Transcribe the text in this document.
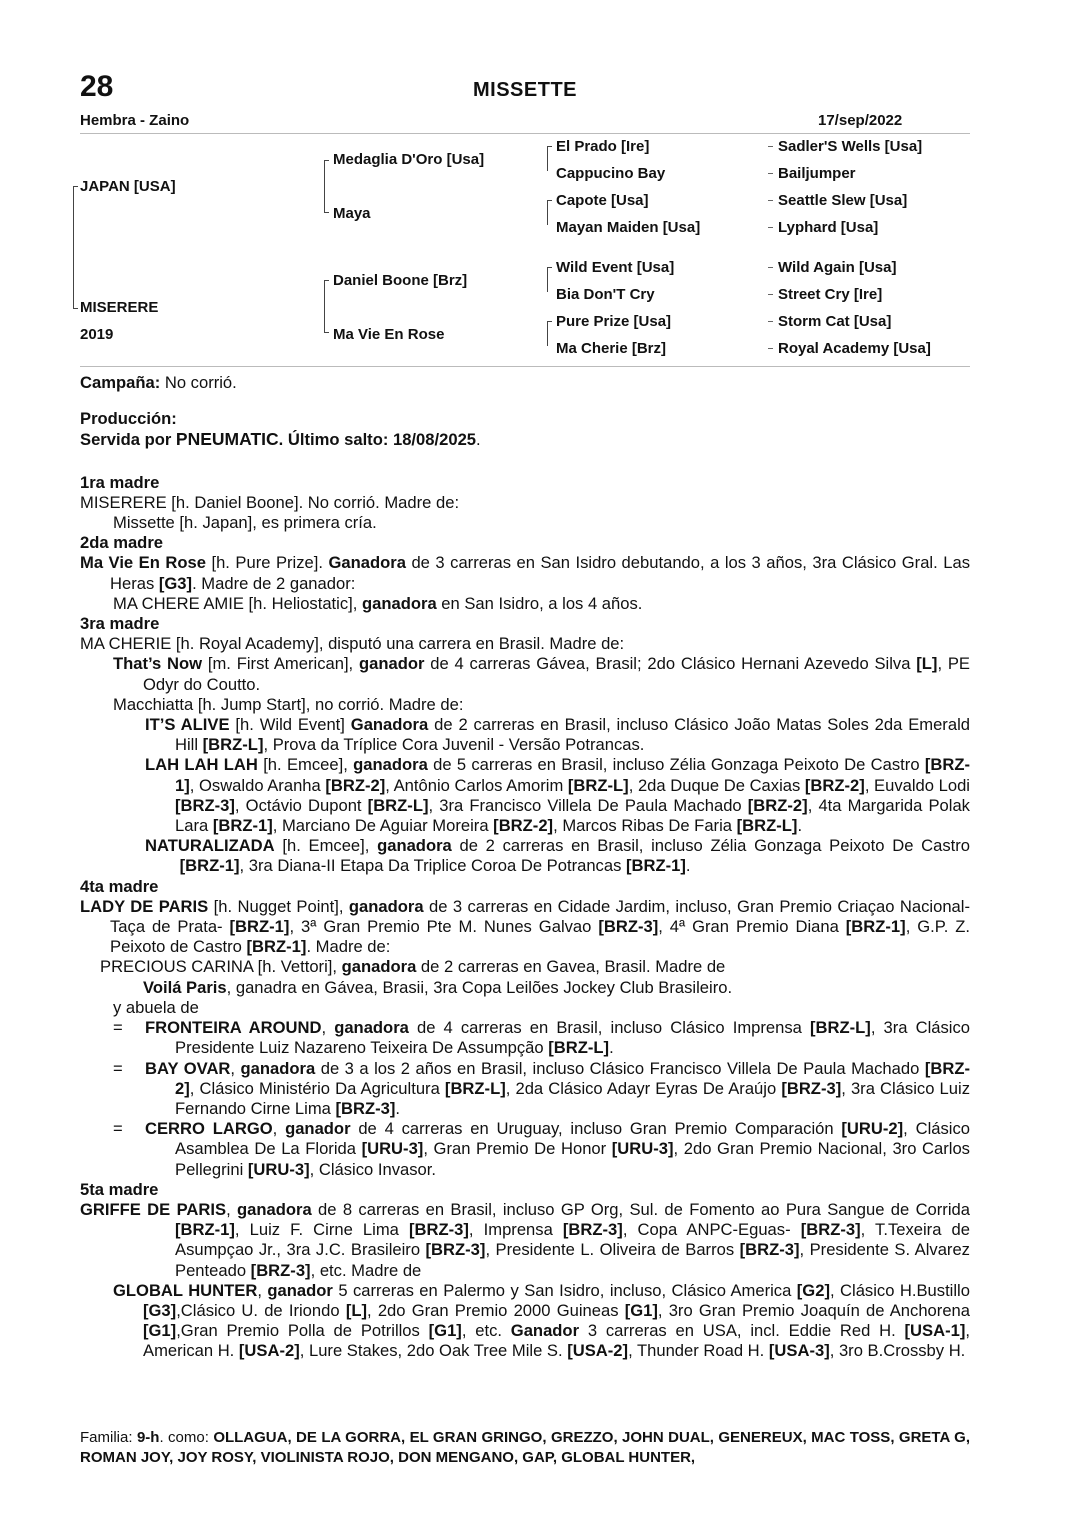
28	MISSETTE
Hembra - Zaino	17/sep/2022
JAPAN [USA]
MISERERE
2019
Medaglia D'Oro [Usa]
Maya
Daniel Boone [Brz]
Ma Vie En Rose
El Prado [Ire]
Cappucino Bay
Capote [Usa]
Mayan Maiden [Usa]
Wild Event [Usa]
Bia Don'T Cry
Pure Prize [Usa]
Ma Cherie [Brz]
Sadler'S Wells [Usa]
Bailjumper
Seattle Slew [Usa]
Lyphard [Usa]
Wild Again [Usa]
Street Cry [Ire]
Storm Cat [Usa]
Royal Academy [Usa]

Campaña: No corrió.

Producción:

Servida por PNEUMATIC. Último salto: 18/08/2025.

1ra madre

MISERERE [h. Daniel Boone]. No corrió. Madre de:

Missette [h. Japan], es primera cría.

2da madre

Ma Vie En Rose [h. Pure Prize]. Ganadora de 3 carreras en San Isidro debutando, a los 3 años, 3ra Clásico Gral. Las Heras [G3]. Madre de 2 ganador:

MA CHERE AMIE [h. Heliostatic], ganadora en San Isidro, a los 4 años.

3ra madre

MA CHERIE [h. Royal Academy], disputó una carrera en Brasil. Madre de:

That’s Now [m. First American], ganador de 4 carreras Gávea, Brasil; 2do Clásico Hernani Azevedo Silva [L], PE Odyr do Coutto.

Macchiatta [h. Jump Start], no corrió. Madre de:

IT’S ALIVE [h. Wild Event] Ganadora de 2 carreras en Brasil, incluso Clásico João Matas Soles 2da Emerald Hill [BRZ-L], Prova da Tríplice Cora Juvenil - Versão Potrancas.

LAH LAH LAH [h. Emcee], ganadora de 5 carreras en Brasil, incluso Zélia Gonzaga Peixoto De Castro [BRZ-1], Oswaldo Aranha [BRZ-2], Antônio Carlos Amorim [BRZ-L], 2da Duque De Caxias [BRZ-2], Euvaldo Lodi [BRZ-3], Octávio Dupont [BRZ-L], 3ra Francisco Villela De Paula Machado [BRZ-2], 4ta Margarida Polak Lara [BRZ-1], Marciano De Aguiar Moreira [BRZ-2], Marcos Ribas De Faria [BRZ-L].

NATURALIZADA [h. Emcee], ganadora de 2 carreras en Brasil, incluso Zélia Gonzaga Peixoto De Castro  [BRZ-1], 3ra Diana-II Etapa Da Triplice Coroa De Potrancas [BRZ-1].

4ta madre

LADY DE PARIS [h. Nugget Point], ganadora de 3 carreras en Cidade Jardim, incluso, Gran Premio Criaçao Nacional-Taça de Prata- [BRZ-1], 3ª Gran Premio Pte M. Nunes Galvao [BRZ-3], 4ª Gran Premio Diana [BRZ-1], G.P. Z. Peixoto de Castro [BRZ-1]. Madre de:

PRECIOUS CARINA [h. Vettori], ganadora de 2 carreras en Gavea, Brasil. Madre de

Voilá Paris, ganadra en Gávea, Brasii, 3ra Copa Leilões Jockey Club Brasileiro.

y abuela de

= FRONTEIRA AROUND, ganadora de 4 carreras en Brasil, incluso Clásico Imprensa [BRZ-L], 3ra Clásico Presidente Luiz Nazareno Teixeira De Assumpção [BRZ-L].

= BAY OVAR, ganadora de 3 a los 2 años en Brasil, incluso Clásico Francisco Villela De Paula Machado [BRZ-2], Clásico Ministério Da Agricultura [BRZ-L], 2da Clásico Adayr Eyras De Araújo [BRZ-3], 3ra Clásico Luiz Fernando Cirne Lima [BRZ-3].

= CERRO LARGO, ganador de 4 carreras en Uruguay, incluso Gran Premio Comparación [URU-2], Clásico Asamblea De La Florida [URU-3], Gran Premio De Honor [URU-3], 2do Gran Premio Nacional, 3ro Carlos Pellegrini [URU-3], Clásico Invasor.

5ta madre

GRIFFE DE PARIS, ganadora de 8 carreras en Brasil, incluso GP Org, Sul. de Fomento ao Pura Sangue de Corrida [BRZ-1], Luiz F. Cirne Lima [BRZ-3], Imprensa [BRZ-3], Copa ANPC-Eguas- [BRZ-3], T.Texeira de Asumpçao Jr., 3ra J.C. Brasileiro [BRZ-3], Presidente L. Oliveira de Barros [BRZ-3], Presidente S. Alvarez Penteado [BRZ-3], etc. Madre de

GLOBAL HUNTER, ganador 5 carreras en Palermo y San Isidro, incluso, Clásico America [G2], Clásico H.Bustillo [G3],Clásico U. de Iriondo [L], 2do Gran Premio 2000 Guineas [G1], 3ro Gran Premio Joaquín de Anchorena [G1],Gran Premio Polla de Potrillos [G1], etc. Ganador 3 carreras en USA, incl. Eddie Red H. [USA-1], American H. [USA-2], Lure Stakes, 2do Oak Tree Mile S. [USA-2], Thunder Road H. [USA-3], 3ro B.Crossby H.

Familia: 9-h. como: OLLAGUA, DE LA GORRA, EL GRAN GRINGO, GREZZO, JOHN DUAL, GENEREUX, MAC TOSS, GRETA G, ROMAN JOY, JOY ROSY, VIOLINISTA ROJO, DON MENGANO, GAP, GLOBAL HUNTER,
